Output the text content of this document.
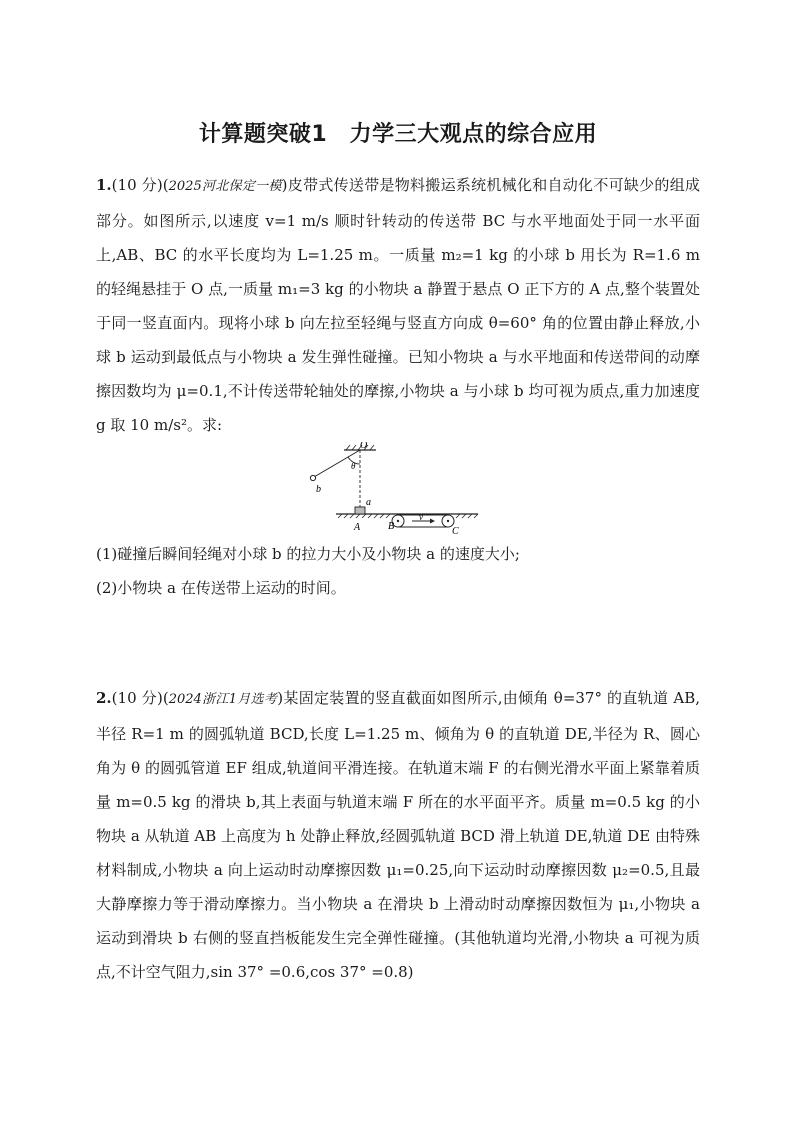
计算题突破1　力学三大观点的综合应用

1.(10 分)(2025河北保定一模)皮带式传送带是物料搬运系统机械化和自动化不可缺少的组成部分。如图所示,以速度 v=1 m/s 顺时针转动的传送带 BC 与水平地面处于同一水平面上,AB、BC 的水平长度均为 L=1.25 m。一质量 m₂=1 kg 的小球 b 用长为 R=1.6 m 的轻绳悬挂于 O 点,一质量 m₁=3 kg 的小物块 a 静置于悬点 O 正下方的 A 点,整个装置处于同一竖直面内。现将小球 b 向左拉至轻绳与竖直方向成 θ=60° 角的位置由静止释放,小球 b 运动到最低点与小物块 a 发生弹性碰撞。已知小物块 a 与水平地面和传送带间的动摩擦因数均为 μ=0.1,不计传送带轮轴处的摩擦,小物块 a 与小球 b 均可视为质点,重力加速度 g 取 10 m/s²。求:

O
b
θ
a
A
v
B	C

(1)碰撞后瞬间轻绳对小球 b 的拉力大小及小物块 a 的速度大小;

(2)小物块 a 在传送带上运动的时间。

2.(10 分)(2024浙江1月选考)某固定装置的竖直截面如图所示,由倾角 θ=37° 的直轨道 AB,半径 R=1 m 的圆弧轨道 BCD,长度 L=1.25 m、倾角为 θ 的直轨道 DE,半径为 R、圆心角为 θ 的圆弧管道 EF 组成,轨道间平滑连接。在轨道末端 F 的右侧光滑水平面上紧靠着质量 m=0.5 kg 的滑块 b,其上表面与轨道末端 F 所在的水平面平齐。质量 m=0.5 kg 的小物块 a 从轨道 AB 上高度为 h 处静止释放,经圆弧轨道 BCD 滑上轨道 DE,轨道 DE 由特殊材料制成,小物块 a 向上运动时动摩擦因数 μ₁=0.25,向下运动时动摩擦因数 μ₂=0.5,且最大静摩擦力等于滑动摩擦力。当小物块 a 在滑块 b 上滑动时动摩擦因数恒为 μ₁,小物块 a 运动到滑块 b 右侧的竖直挡板能发生完全弹性碰撞。(其他轨道均光滑,小物块 a 可视为质点,不计空气阻力,sin 37° =0.6,cos 37° =0.8)
